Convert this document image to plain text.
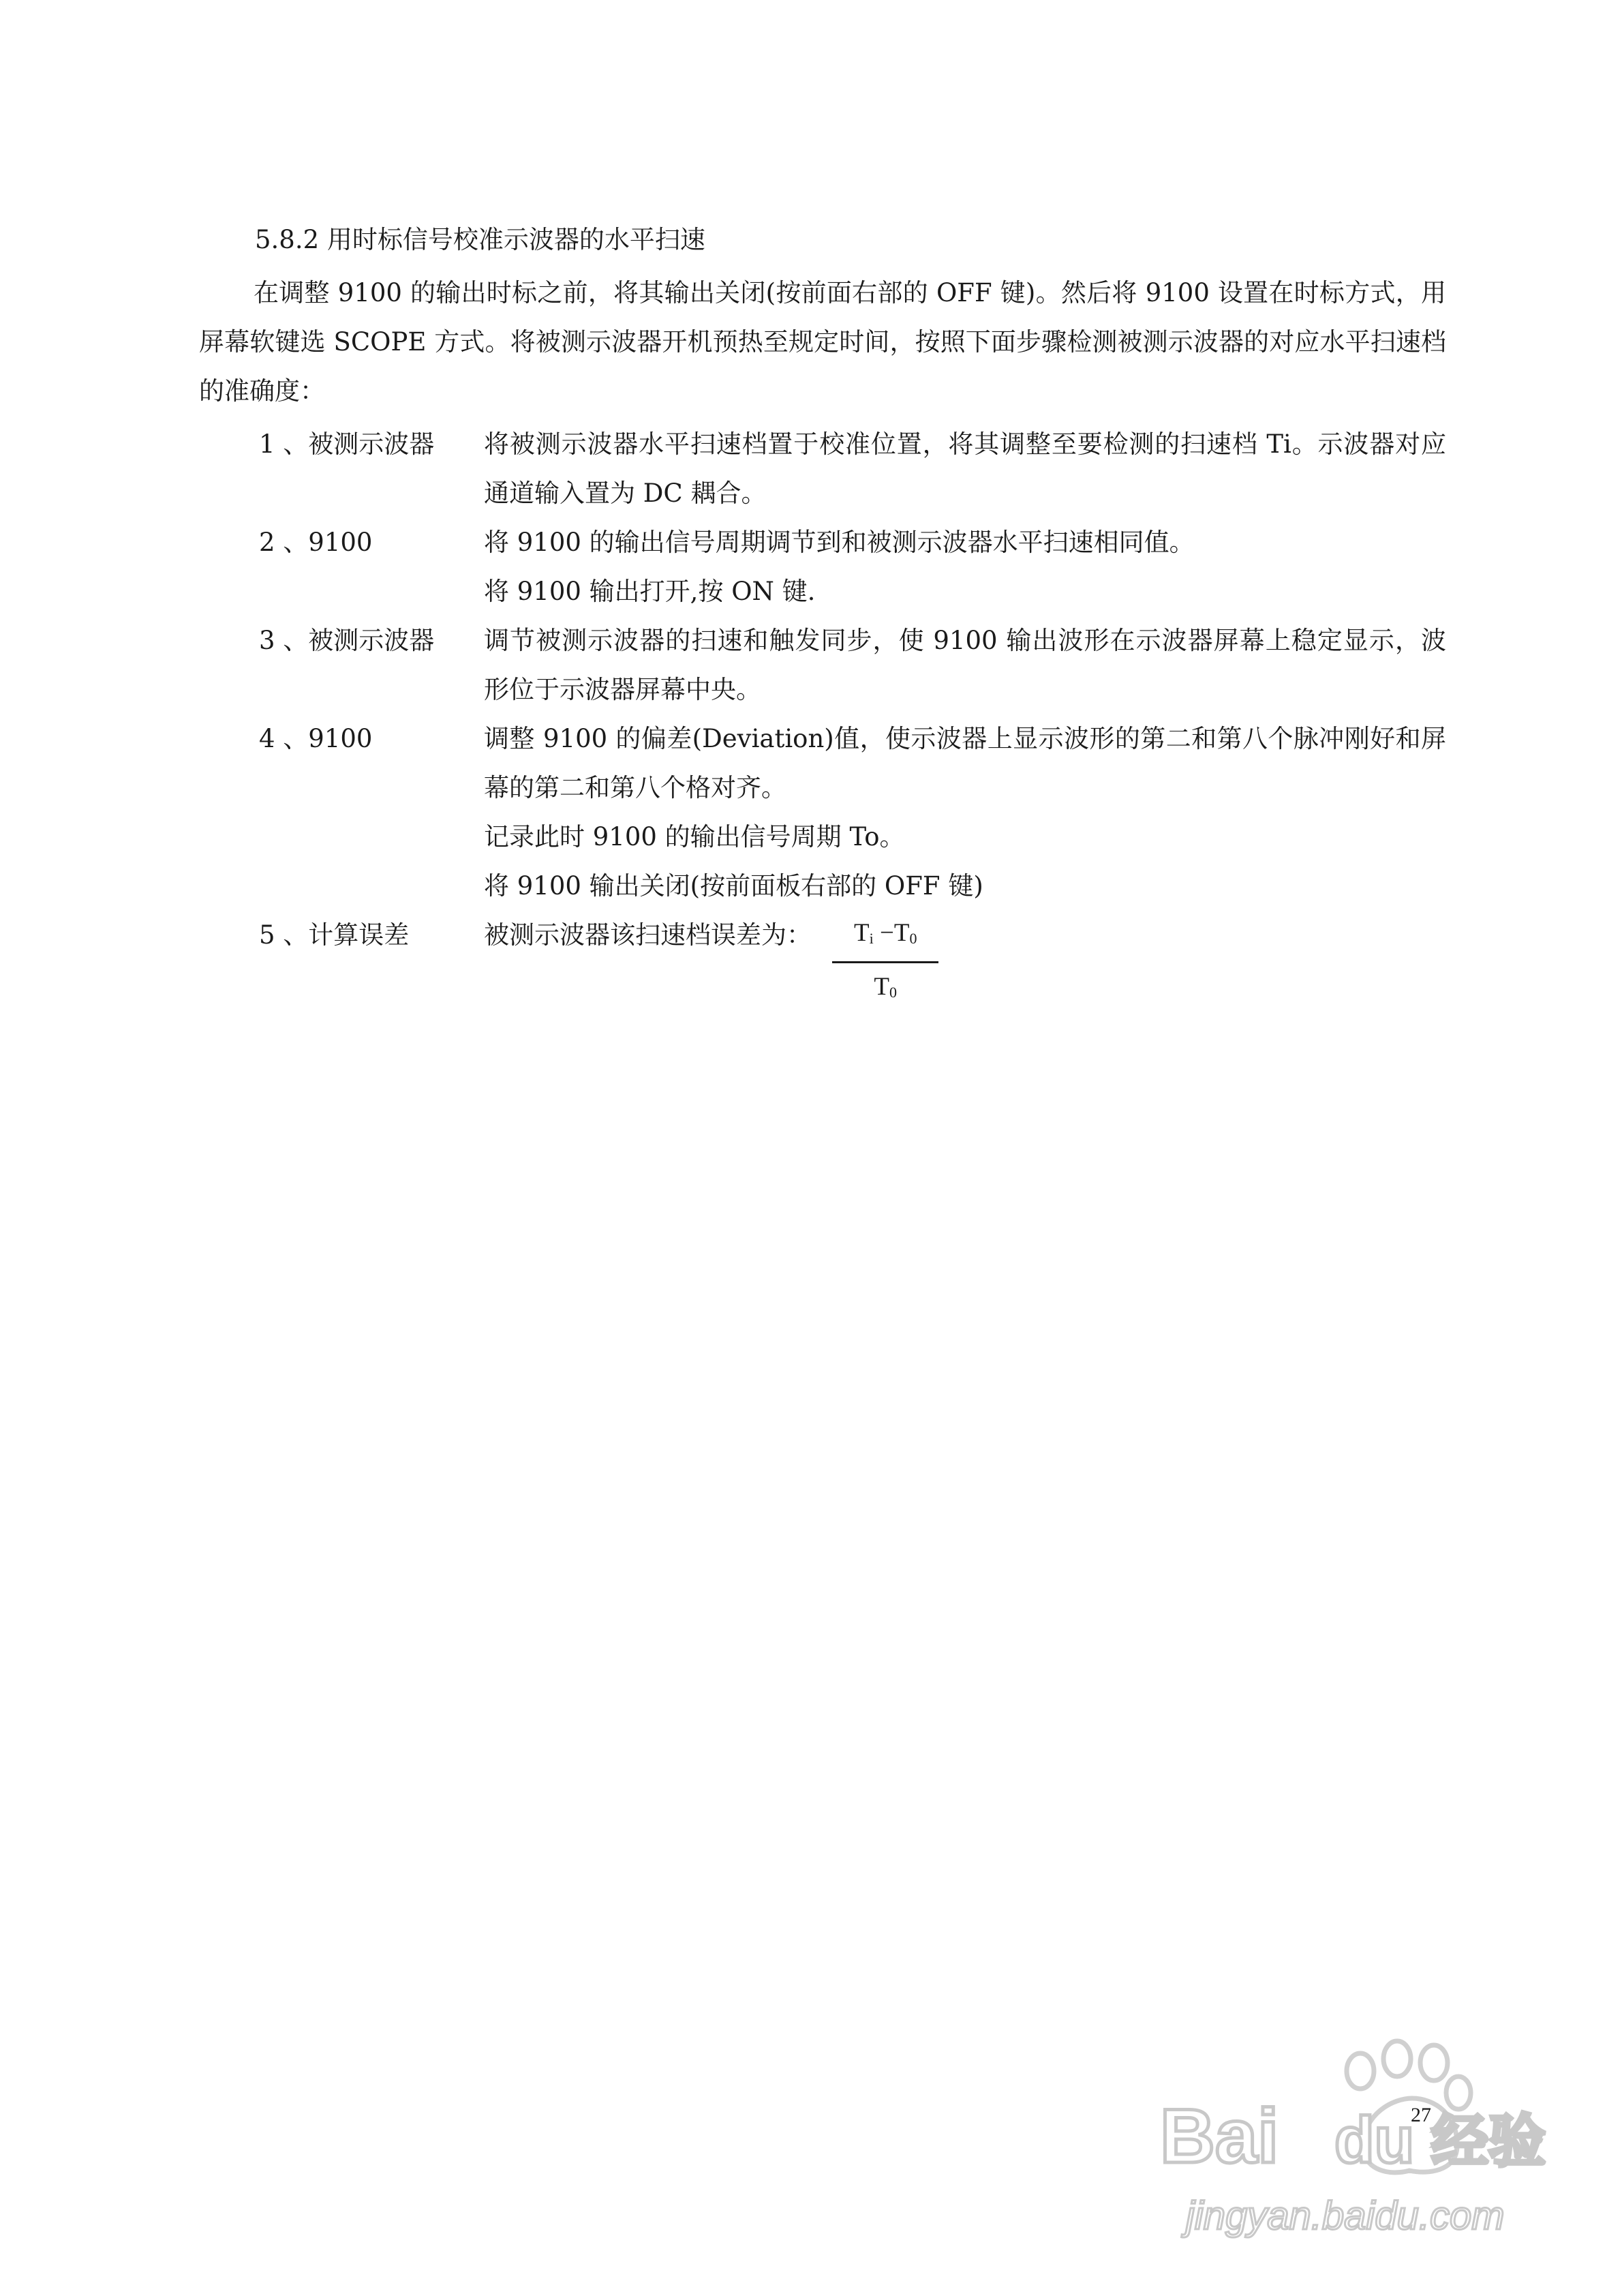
5.8.2 用时标信号校准示波器的水平扫速
在调整 9100 的输出时标之前，将其输出关闭(按前面右部的 OFF 键)。然后将 9100 设置在时标方式，用屏幕软键选 SCOPE 方式。将被测示波器开机预热至规定时间，按照下面步骤检测被测示波器的对应水平扫速档的准确度：
1 、被测示波器	将被测示波器水平扫速档置于校准位置，将其调整至要检测的扫速档 Ti。示波器对应通道输入置为 DC 耦合。

2 、9100	将 9100 的输出信号周期调节到和被测示波器水平扫速相同值。

将 9100 输出打开,按 ON 键.

3 、被测示波器	调节被测示波器的扫速和触发同步，使 9100 输出波形在示波器屏幕上稳定显示，波形位于示波器屏幕中央。

4 、9100	调整 9100 的偏差(Deviation)值，使示波器上显示波形的第二和第八个脉冲刚好和屏幕的第二和第八个格对齐。

记录此时 9100 的输出信号周期 To。

将 9100 输出关闭(按前面板右部的 OFF 键)

5 、计算误差	被测示波器该扫速档误差为： $\frac{T_i -T_0}{T_0}$

27
Bai du 经验
jingyan.baidu.com
